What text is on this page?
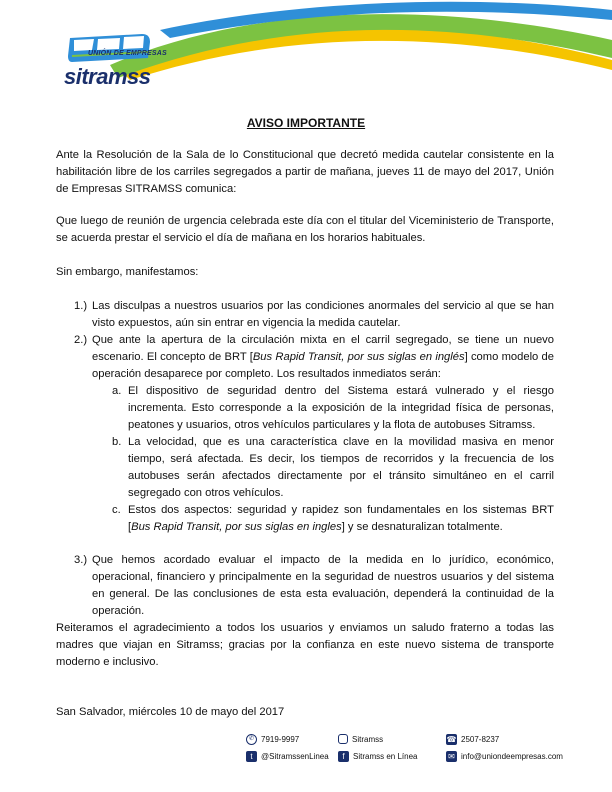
UNIÓN DE EMPRESAS
sitramss
AVISO IMPORTANTE

Ante la Resolución de la Sala de lo Constitucional que decretó medida cautelar consistente en la habilitación libre de los carriles segregados a partir de mañana, jueves 11 de mayo del 2017, Unión de Empresas SITRAMSS comunica:

Que luego de reunión de urgencia celebrada este día con el titular del Viceministerio de Transporte, se acuerda prestar el servicio el día de mañana en los horarios habituales.

Sin embargo, manifestamos:

1.) Las disculpas a nuestros usuarios por las condiciones anormales del servicio al que se han visto expuestos, aún sin entrar en vigencia la medida cautelar.

2.) Que ante la apertura de la circulación mixta en el carril segregado, se tiene un nuevo escenario. El concepto de BRT [Bus Rapid Transit, por sus siglas en inglés] como modelo de operación desaparece por completo. Los resultados inmediatos serán:

a. El dispositivo de seguridad dentro del Sistema estará vulnerado y el riesgo incrementa. Esto corresponde a la exposición de la integridad física de personas, peatones y usuarios, otros vehículos particulares y la flota de autobuses Sitramss.

b. La velocidad, que es una característica clave en la movilidad masiva en menor tiempo, será afectada. Es decir, los tiempos de recorridos y la frecuencia de los autobuses serán afectados directamente por el tránsito simultáneo en el carril segregado con otros vehículos.

c. Estos dos aspectos: seguridad y rapidez son fundamentales en los sistemas BRT [Bus Rapid Transit, por sus siglas en ingles] y se desnaturalizan totalmente.

3.) Que hemos acordado evaluar el impacto de la medida en lo jurídico, económico, operacional, financiero y principalmente en la seguridad de nuestros usuarios y del sistema en general. De las conclusiones de esta esta evaluación, dependerá la continuidad de la operación.

Reiteramos el agradecimiento a todos los usuarios y enviamos un saludo fraterno a todas las madres que viajan en Sitramss; gracias por la confianza en este nuevo sistema de transporte moderno e inclusivo.

San Salvador, miércoles 10 de mayo del 2017

✆ 7919-9997
t	@SitramssenLinea
Sitramss
f	Sitramss en Línea
☎ 2507-8237
✉ info@uniondeempresas.com
